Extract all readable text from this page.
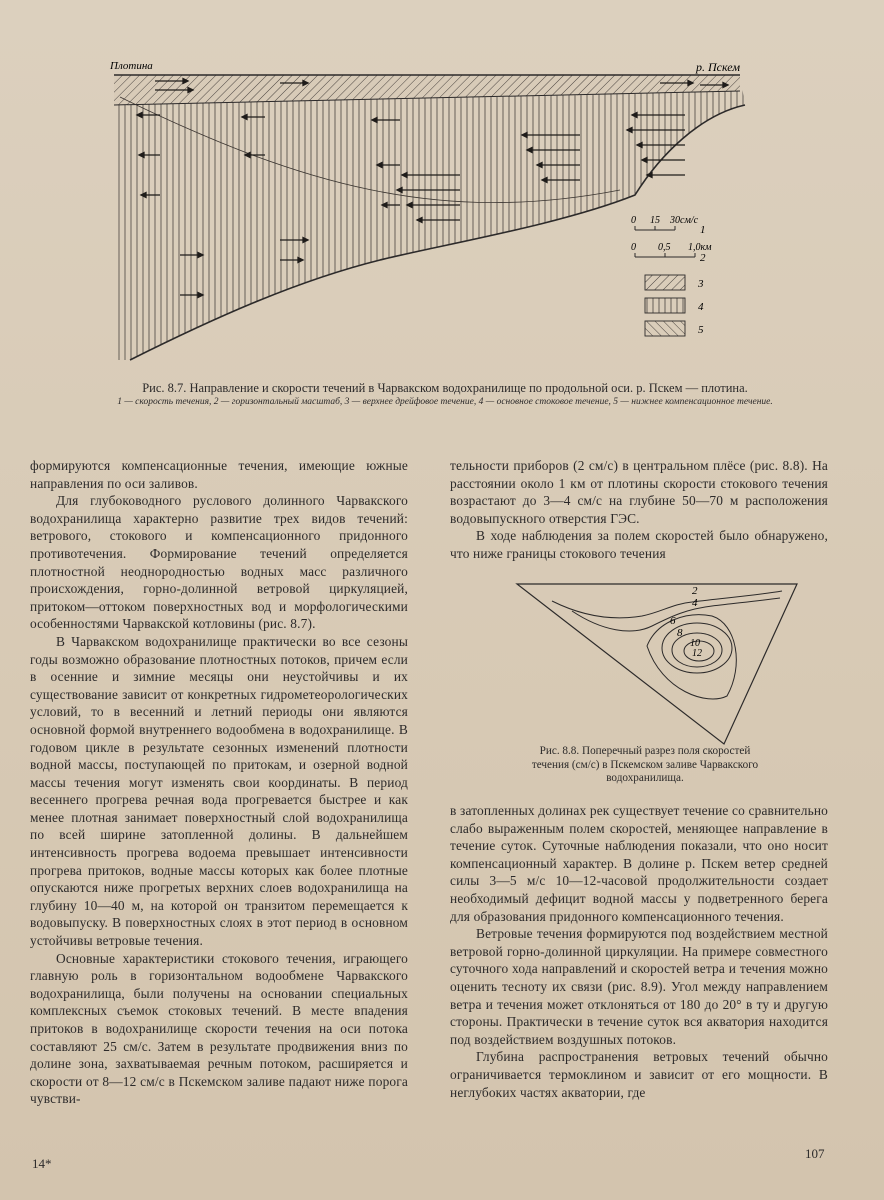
Плотина	р. Пскем
0 15 30см/с
1
0 0,5 1,0км
2
3
4
5
Рис. 8.7. Направление и скорости течений в Чарвакском водохранилище по продольной оси. р. Пскем — плотина.
1 — скорость течения, 2 — горизонтальный масштаб, 3 — верхнее дрейфовое течение, 4 — основное стоковое течение, 5 — нижнее компенсационное течение.

формируются компенсационные течения, имеющие южные направления по оси заливов.

Для глубоководного руслового долинного Чарвакского водохранилища характерно развитие трех видов течений: ветрового, стокового и компенсационного придонного противотечения. Формирование течений определяется плотностной неоднородностью водных масс различного происхождения, горно-долинной ветровой циркуляцией, притоком—оттоком поверхностных вод и морфологическими особенностями Чарвакской котловины (рис. 8.7).

В Чарвакском водохранилище практически во все сезоны годы возможно образование плотностных потоков, причем если в осенние и зимние месяцы они неустойчивы и их существование зависит от конкретных гидрометеорологических условий, то в весенний и летний периоды они являются основной формой внутреннего водообмена в водохранилище. В годовом цикле в результате сезонных изменений плотности водной массы, поступающей по притокам, и озерной водной массы течения могут изменять свои координаты. В период весеннего прогрева речная вода прогревается быстрее и как менее плотная занимает поверхностный слой водохранилища по всей ширине затопленной долины. В дальнейшем интенсивность прогрева водоема превышает интенсивности прогрева притоков, водные массы которых как более плотные опускаются ниже прогретых верхних слоев водохранилища на глубину 10—40 м, на которой он транзитом перемещается к водовыпуску. В поверхностных слоях в этот период в основном устойчивы ветровые течения.

Основные характеристики стокового течения, играющего главную роль в горизонтальном водообмене Чарвакского водохранилища, были получены на основании специальных комплексных съемок стоковых течений. В месте впадения притоков в водохранилище скорости течения на оси потока составляют 25 см/с. Затем в результате продвижения вниз по долине зона, захватываемая речным потоком, расширяется и скорости от 8—12 см/с в Пскемском заливе падают ниже порога чувстви-

тельности приборов (2 см/с) в центральном плёсе (рис. 8.8). На расстоянии около 1 км от плотины скорости стокового течения возрастают до 3—4 см/с на глубине 50—70 м расположения водовыпускного отверстия ГЭС.

В ходе наблюдения за полем скоростей было обнаружено, что ниже границы стокового течения

2
4
6
8
10
12
Рис. 8.8. Поперечный разрез поля скоростей течения (см/с) в Пскемском заливе Чарвакского водохранилища.

в затопленных долинах рек существует течение со сравнительно слабо выраженным полем скоростей, меняющее направление в течение суток. Суточные наблюдения показали, что оно носит компенсационный характер. В долине р. Пскем ветер средней силы 3—5 м/с 10—12-часовой продолжительности создает необходимый дефицит водной массы у подветренного берега для образования придонного компенсационного течения.

Ветровые течения формируются под воздействием местной ветровой горно-долинной циркуляции. На примере совместного суточного хода направлений и скоростей ветра и течения можно оценить тесноту их связи (рис. 8.9). Угол между направлением ветра и течения может отклоняться от 180 до 20° в ту и другую стороны. Практически в течение суток вся акватория находится под воздействием воздушных потоков.

Глубина распространения ветровых течений обычно ограничивается термоклином и зависит от его мощности. В неглубоких частях акватории, где

14*
107
